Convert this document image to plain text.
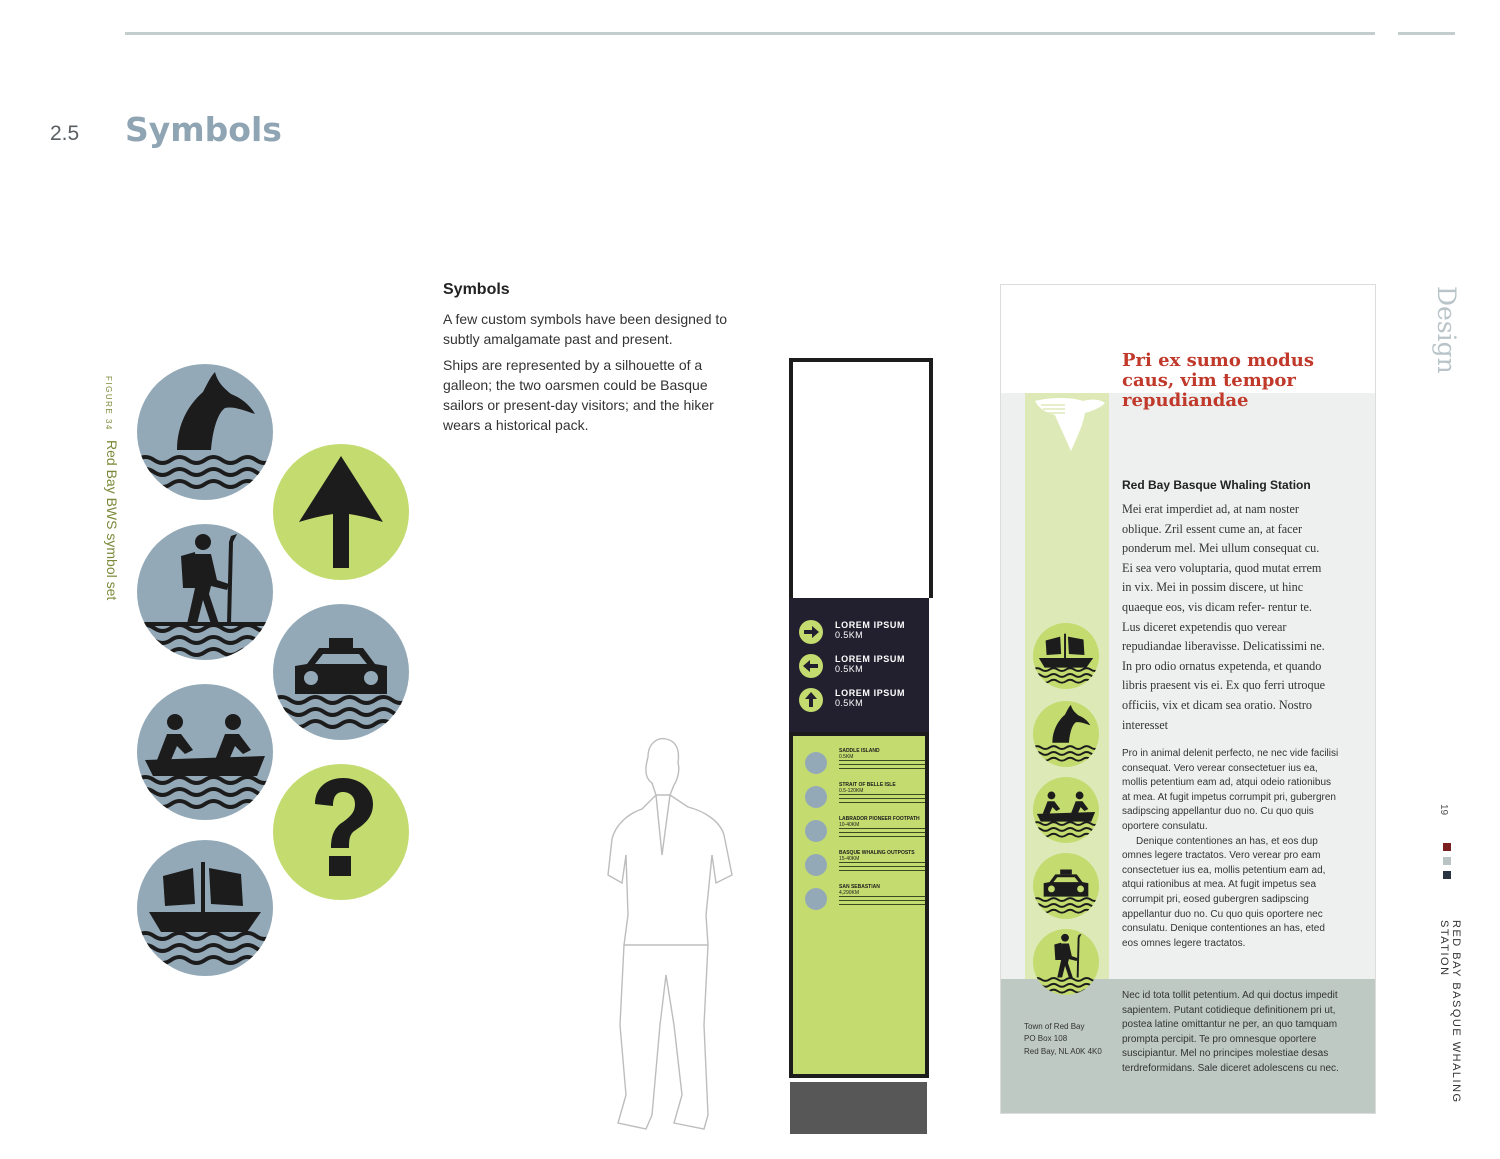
2.5 Symbols
FIGURE 34
Red Bay BWS symbol set
Symbols

A few custom symbols have been designed to subtly amalgamate past and present.

Ships are represented by a silhouette of a galleon; the two oarsmen could be Basque sailors or present-day visitors; and the hiker wears a historical pack.

LOREM IPSUM
0.5KM
LOREM IPSUM
0.5KM
LOREM IPSUM
0.5KM
SADDLE ISLAND
0.5KM
STRAIT OF BELLE ISLE
0.5-120KM
LABRADOR PIONEER FOOTPATH
10-40KM
BASQUE WHALING OUTPOSTS
15-40KM
SAN SEBASTIAN
4,290KM
Pri ex sumo modus caus, vim tempor repudiandae
Red Bay Basque Whaling Station
Mei erat imperdiet ad, at nam noster oblique. Zril essent cume an, at facer ponderum mel. Mei ullum consequat cu. Ei sea vero voluptaria, quod mutat errem in vix. Mei in possim discere, ut hinc quaeque eos, vis dicam refer- rentur te. Lus diceret expetendis quo verear repudiandae liberavisse. Delicatissimi ne. In pro odio ornatus expetenda, et quando libris praesent vis ei. Ex quo ferri utroque officiis, vix et dicam sea oratio. Nostro interesset

Pro in animal delenit perfecto, ne nec vide facilisi consequat. Vero verear consectetuer ius ea, mollis petentium eam ad, atqui odeio rationibus at mea. At fugit impetus corrumpit pri, gubergren sadipscing appellantur duo no. Cu quo quis oportere consulatu.

Denique contentiones an has, et eos dup omnes legere tractatos. Vero verear pro eam consectetuer ius ea, mollis petentium eam ad, atqui rationibus at mea. At fugit impetus sea corrumpit pri, eosed gubergren sadipscing appellantur duo no. Cu quo quis oportere nec consulatu. Denique contentiones an has, eted eos omnes legere tractatos.

Nec id tota tollit petentium. Ad qui doctus impedit sapientem. Putant cotidieque definitionem pri ut, postea latine omittantur ne per, an quo tamquam prompta percipit. Te pro omnesque oportere suscipiantur. Mel no principes molestiae desas terdreformidans. Sale diceret adolescens cu nec.
Town of Red Bay
PO Box 108
Red Bay, NL A0K 4K0
Design
19
RED BAY BASQUE WHALING STATION
